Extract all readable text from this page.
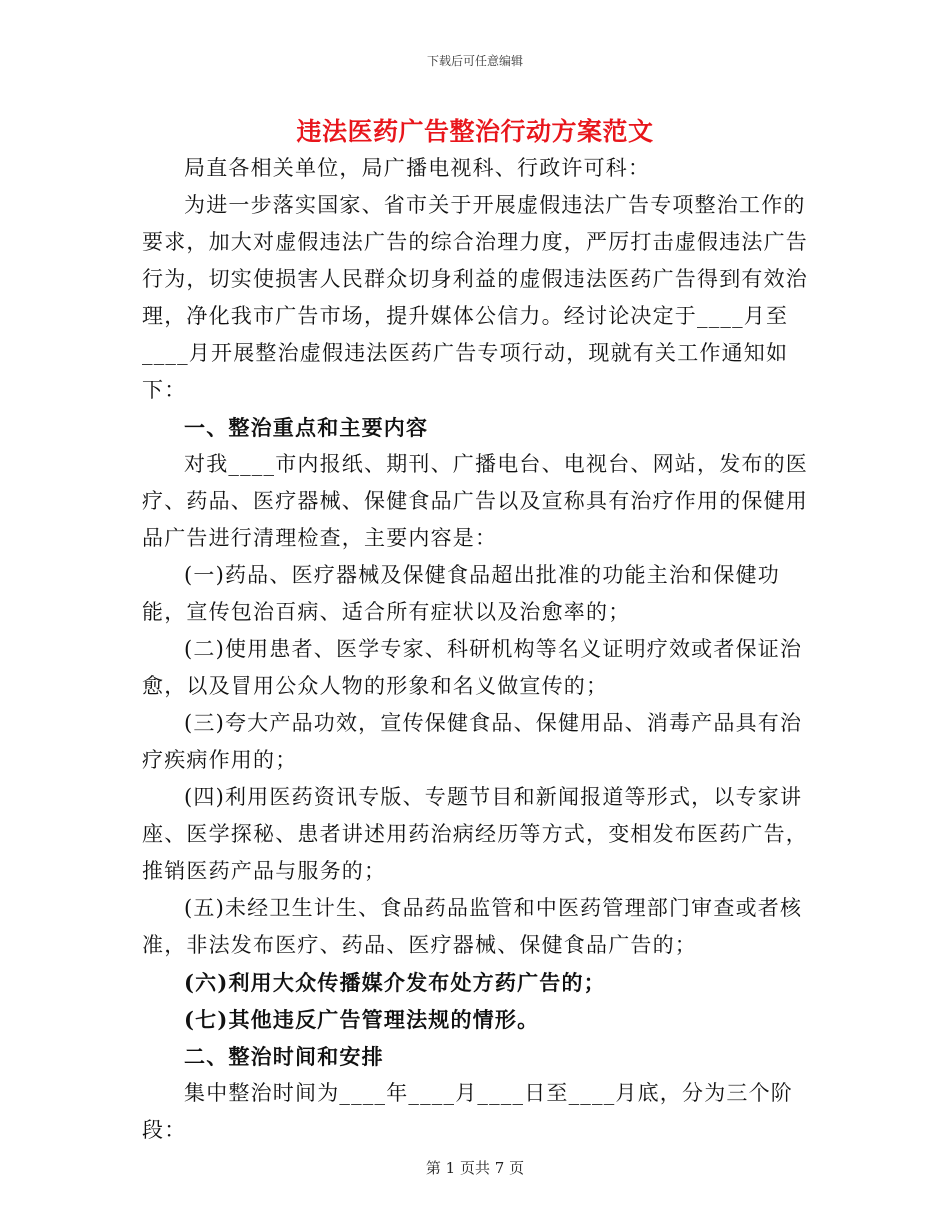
下载后可任意编辑
违法医药广告整治行动方案范文

局直各相关单位，局广播电视科、行政许可科：

为进一步落实国家、省市关于开展虚假违法广告专项整治工作的要求，加大对虚假违法广告的综合治理力度，严厉打击虚假违法广告行为，切实使损害人民群众切身利益的虚假违法医药广告得到有效治理，净化我市广告市场，提升媒体公信力。经讨论决定于____月至____月开展整治虚假违法医药广告专项行动，现就有关工作通知如下：

一、整治重点和主要内容

对我____市内报纸、期刊、广播电台、电视台、网站，发布的医疗、药品、医疗器械、保健食品广告以及宣称具有治疗作用的保健用品广告进行清理检查，主要内容是：

(一)药品、医疗器械及保健食品超出批准的功能主治和保健功能，宣传包治百病、适合所有症状以及治愈率的；

(二)使用患者、医学专家、科研机构等名义证明疗效或者保证治愈，以及冒用公众人物的形象和名义做宣传的；

(三)夸大产品功效，宣传保健食品、保健用品、消毒产品具有治疗疾病作用的；

(四)利用医药资讯专版、专题节目和新闻报道等形式，以专家讲座、医学探秘、患者讲述用药治病经历等方式，变相发布医药广告，推销医药产品与服务的；

(五)未经卫生计生、食品药品监管和中医药管理部门审查或者核准，非法发布医疗、药品、医疗器械、保健食品广告的；

(六)利用大众传播媒介发布处方药广告的；

(七)其他违反广告管理法规的情形。

二、整治时间和安排

集中整治时间为____年____月____日至____月底，分为三个阶段：

第 1 页共 7 页
